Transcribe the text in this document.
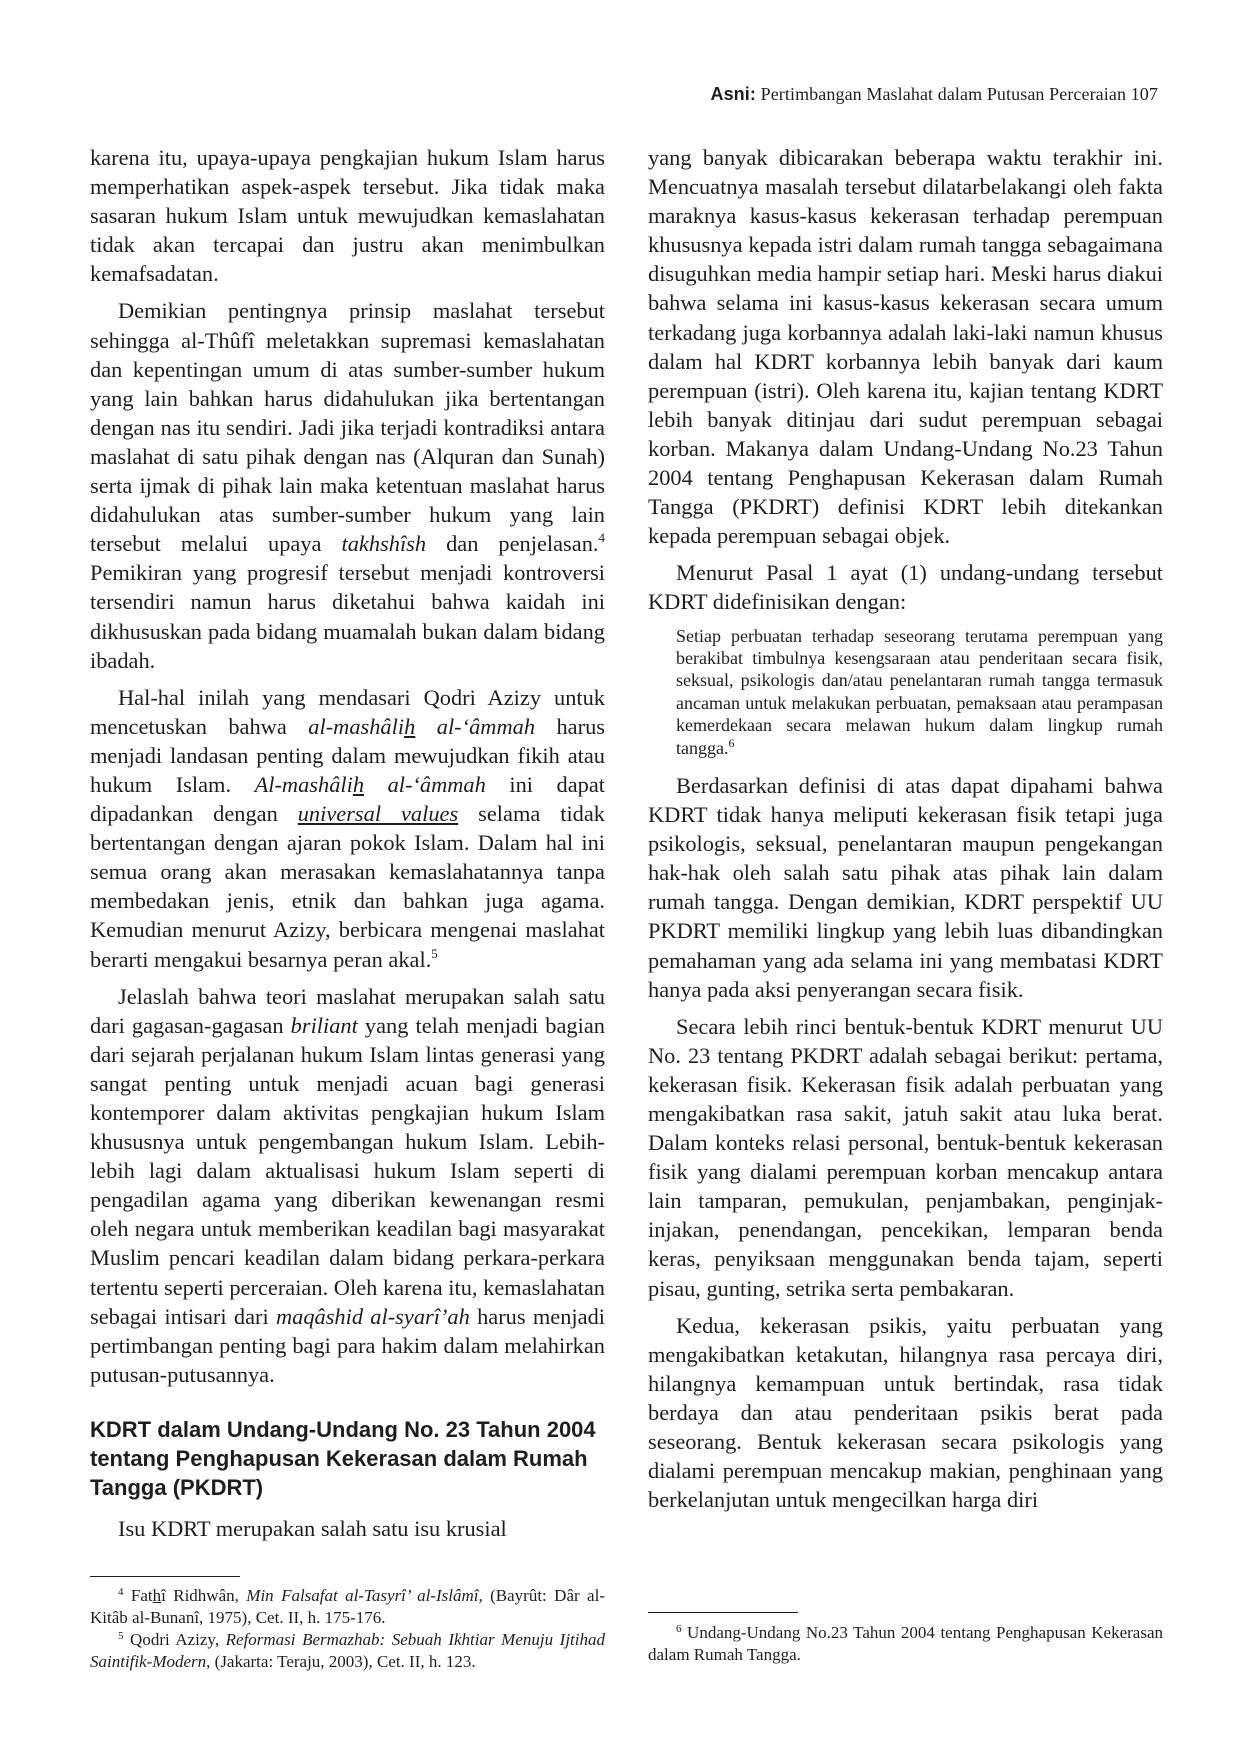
Asni: Pertimbangan Maslahat dalam Putusan Perceraian 107

karena itu, upaya-upaya pengkajian hukum Islam harus memperhatikan aspek-aspek tersebut. Jika tidak maka sasaran hukum Islam untuk mewujudkan kemaslahatan tidak akan tercapai dan justru akan menimbulkan kemafsadatan.

Demikian pentingnya prinsip maslahat tersebut sehingga al-Thûfî meletakkan supremasi kemaslahatan dan kepentingan umum di atas sumber-sumber hukum yang lain bahkan harus didahulukan jika bertentangan dengan nas itu sendiri. Jadi jika terjadi kontradiksi antara maslahat di satu pihak dengan nas (Alquran dan Sunah) serta ijmak di pihak lain maka ketentuan maslahat harus didahulukan atas sumber-sumber hukum yang lain tersebut melalui upaya takhshîsh dan penjelasan.$^4$ Pemikiran yang progresif tersebut menjadi kontroversi tersendiri namun harus diketahui bahwa kaidah ini dikhususkan pada bidang muamalah bukan dalam bidang ibadah.

Hal-hal inilah yang mendasari Qodri Azizy untuk mencetuskan bahwa al-mashâlih al-‘âmmah harus menjadi landasan penting dalam mewujudkan fikih atau hukum Islam. Al-mashâlih al-‘âmmah ini dapat dipadankan dengan universal values selama tidak bertentangan dengan ajaran pokok Islam. Dalam hal ini semua orang akan merasakan kemaslahatannya tanpa membedakan jenis, etnik dan bahkan juga agama. Kemudian menurut Azizy, berbicara mengenai maslahat berarti mengakui besarnya peran akal.$^5$

Jelaslah bahwa teori maslahat merupakan salah satu dari gagasan-gagasan briliant yang telah menjadi bagian dari sejarah perjalanan hukum Islam lintas generasi yang sangat penting untuk menjadi acuan bagi generasi kontemporer dalam aktivitas pengkajian hukum Islam khususnya untuk pengembangan hukum Islam. Lebih-lebih lagi dalam aktualisasi hukum Islam seperti di pengadilan agama yang diberikan kewenangan resmi oleh negara untuk memberikan keadilan bagi masyarakat Muslim pencari keadilan dalam bidang perkara-perkara tertentu seperti perceraian. Oleh karena itu, kemaslahatan sebagai intisari dari maqâshid al-syarî’ah harus menjadi pertimbangan penting bagi para hakim dalam melahirkan putusan-putusannya.

KDRT dalam Undang-Undang No. 23 Tahun 2004 tentang Penghapusan Kekerasan dalam Rumah Tangga (PKDRT)

Isu KDRT merupakan salah satu isu krusial

$^4$ Fathî Ridhwân, Min Falsafat al-Tasyrî’ al-Islâmî, (Bayrût: Dâr al-Kitâb al-Bunanî, 1975), Cet. II, h. 175-176.

$^5$ Qodri Azizy, Reformasi Bermazhab: Sebuah Ikhtiar Menuju Ijtihad Saintifik-Modern, (Jakarta: Teraju, 2003), Cet. II, h. 123.

yang banyak dibicarakan beberapa waktu terakhir ini. Mencuatnya masalah tersebut dilatarbelakangi oleh fakta maraknya kasus-kasus kekerasan terhadap perempuan khususnya kepada istri dalam rumah tangga sebagaimana disuguhkan media hampir setiap hari. Meski harus diakui bahwa selama ini kasus-kasus kekerasan secara umum terkadang juga korbannya adalah laki-laki namun khusus dalam hal KDRT korbannya lebih banyak dari kaum perempuan (istri). Oleh karena itu, kajian tentang KDRT lebih banyak ditinjau dari sudut perempuan sebagai korban. Makanya dalam Undang-Undang No.23 Tahun 2004 tentang Penghapusan Kekerasan dalam Rumah Tangga (PKDRT) definisi KDRT lebih ditekankan kepada perempuan sebagai objek.

Menurut Pasal 1 ayat (1) undang-undang tersebut KDRT didefinisikan dengan:

Setiap perbuatan terhadap seseorang terutama perempuan yang berakibat timbulnya kesengsaraan atau penderitaan secara fisik, seksual, psikologis dan/atau penelantaran rumah tangga termasuk ancaman untuk melakukan perbuatan, pemaksaan atau perampasan kemerdekaan secara melawan hukum dalam lingkup rumah tangga.$^6$

Berdasarkan definisi di atas dapat dipahami bahwa KDRT tidak hanya meliputi kekerasan fisik tetapi juga psikologis, seksual, penelantaran maupun pengekangan hak-hak oleh salah satu pihak atas pihak lain dalam rumah tangga. Dengan demikian, KDRT perspektif UU PKDRT memiliki lingkup yang lebih luas dibandingkan pemahaman yang ada selama ini yang membatasi KDRT hanya pada aksi penyerangan secara fisik.

Secara lebih rinci bentuk-bentuk KDRT menurut UU No. 23 tentang PKDRT adalah sebagai berikut: pertama, kekerasan fisik. Kekerasan fisik adalah perbuatan yang mengakibatkan rasa sakit, jatuh sakit atau luka berat. Dalam konteks relasi personal, bentuk-bentuk kekerasan fisik yang dialami perempuan korban mencakup antara lain tamparan, pemukulan, penjambakan, penginjak-injakan, penendangan, pencekikan, lemparan benda keras, penyiksaan menggunakan benda tajam, seperti pisau, gunting, setrika serta pembakaran.

Kedua, kekerasan psikis, yaitu perbuatan yang mengakibatkan ketakutan, hilangnya rasa percaya diri, hilangnya kemampuan untuk bertindak, rasa tidak berdaya dan atau penderitaan psikis berat pada seseorang. Bentuk kekerasan secara psikologis yang dialami perempuan mencakup makian, penghinaan yang berkelanjutan untuk mengecilkan harga diri

$^6$ Undang-Undang No.23 Tahun 2004 tentang Penghapusan Kekerasan dalam Rumah Tangga.
